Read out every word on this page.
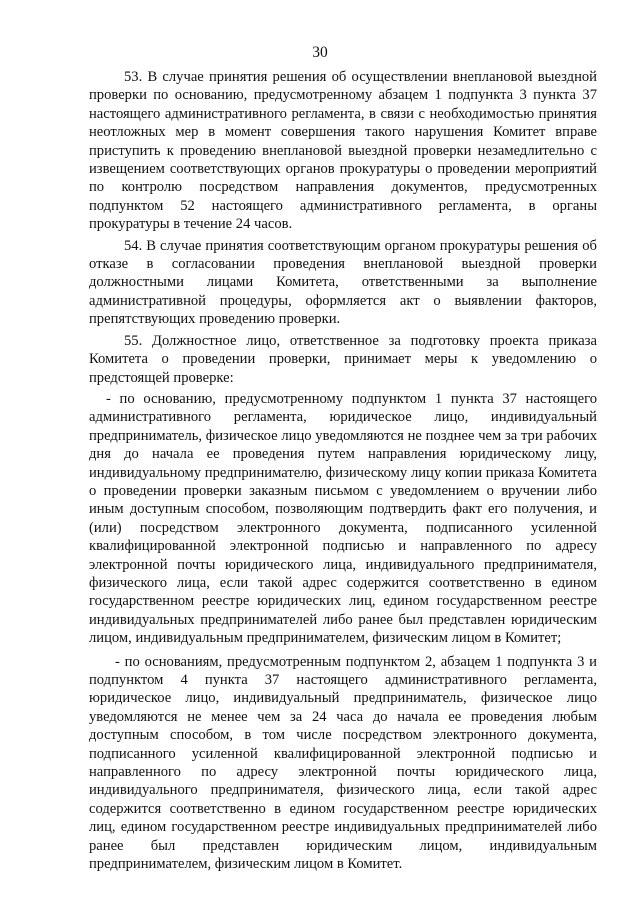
30

53. В случае принятия решения об осуществлении внеплановой выездной проверки по основанию, предусмотренному абзацем 1 подпункта 3 пункта 37 настоящего административного регламента, в связи с необходимостью принятия неотложных мер в момент совершения такого нарушения Комитет вправе приступить к проведению внеплановой выездной проверки незамедлительно с извещением соответствующих органов прокуратуры о проведении мероприятий по контролю посредством направления документов, предусмотренных подпунктом 52 настоящего административного регламента, в органы прокуратуры в течение 24 часов.

54. В случае принятия соответствующим органом прокуратуры решения об отказе в согласовании проведения внеплановой выездной проверки должностными лицами Комитета, ответственными за выполнение административной процедуры, оформляется акт о выявлении факторов, препятствующих проведению проверки.

55. Должностное лицо, ответственное за подготовку проекта приказа Комитета о проведении проверки, принимает меры к уведомлению о предстоящей проверке:

- по основанию, предусмотренному подпунктом 1 пункта 37 настоящего административного регламента, юридическое лицо, индивидуальный предприниматель, физическое лицо уведомляются не позднее чем за три рабочих дня до начала ее проведения путем направления юридическому лицу, индивидуальному предпринимателю, физическому лицу копии приказа Комитета о проведении проверки заказным письмом с уведомлением о вручении либо иным доступным способом, позволяющим подтвердить факт его получения, и (или) посредством электронного документа, подписанного усиленной квалифицированной электронной подписью и направленного по адресу электронной почты юридического лица, индивидуального предпринимателя, физического лица, если такой адрес содержится соответственно в едином государственном реестре юридических лиц, едином государственном реестре индивидуальных предпринимателей либо ранее был представлен юридическим лицом, индивидуальным предпринимателем, физическим лицом в Комитет;

- по основаниям, предусмотренным подпунктом 2, абзацем 1 подпункта 3 и подпунктом 4 пункта 37 настоящего административного регламента, юридическое лицо, индивидуальный предприниматель, физическое лицо уведомляются не менее чем за 24 часа до начала ее проведения любым доступным способом, в том числе посредством электронного документа, подписанного усиленной квалифицированной электронной подписью и направленного по адресу электронной почты юридического лица, индивидуального предпринимателя, физического лица, если такой адрес содержится соответственно в едином государственном реестре юридических лиц, едином государственном реестре индивидуальных предпринимателей либо ранее был представлен юридическим лицом, индивидуальным предпринимателем, физическим лицом в Комитет.
